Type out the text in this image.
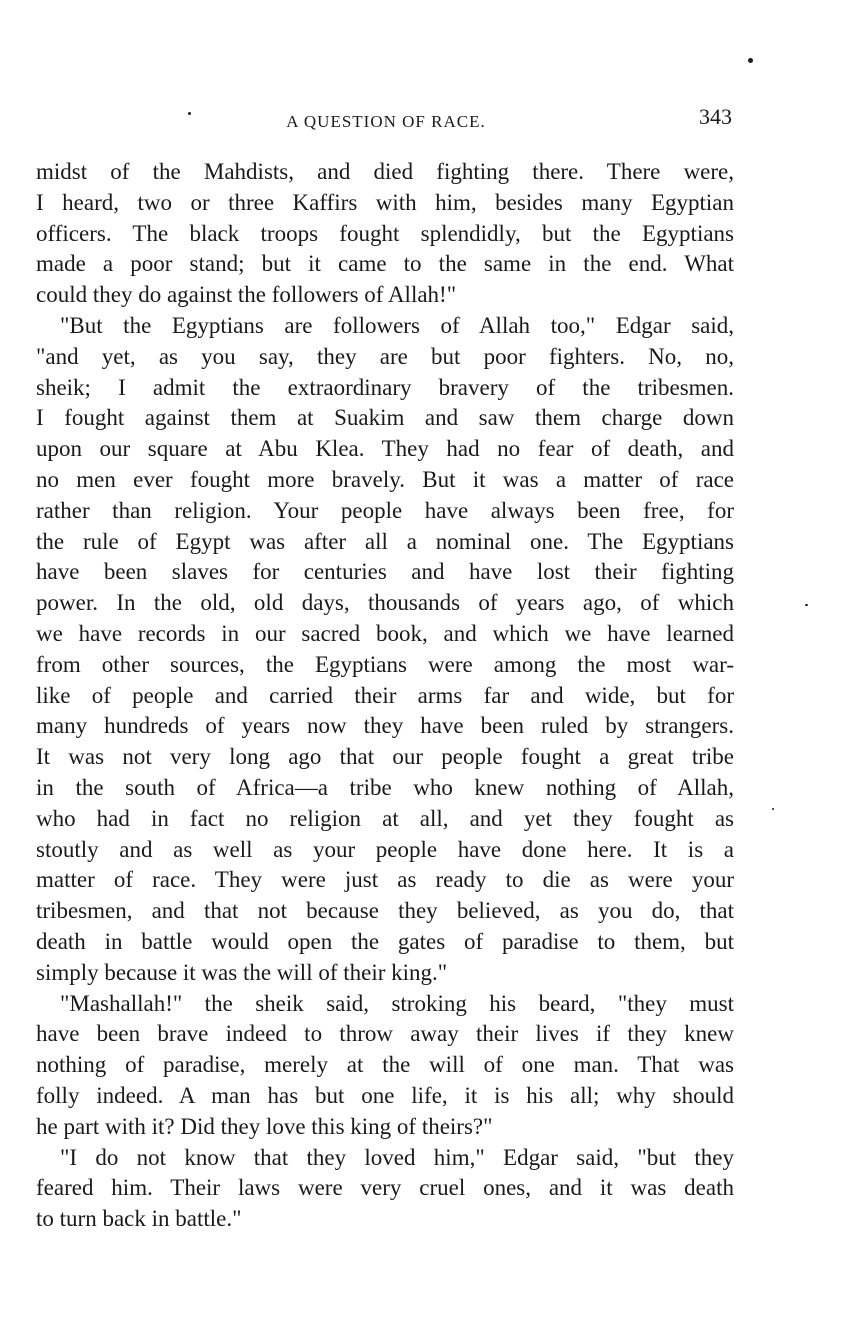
A QUESTION OF RACE.	343
midst of the Mahdists, and died fighting there. There were,
I heard, two or three Kaffirs with him, besides many Egyptian
officers. The black troops fought splendidly, but the Egyptians
made a poor stand; but it came to the same in the end. What
could they do against the followers of Allah!"
"But the Egyptians are followers of Allah too," Edgar said,
"and yet, as you say, they are but poor fighters. No, no,
sheik; I admit the extraordinary bravery of the tribesmen.
I fought against them at Suakim and saw them charge down
upon our square at Abu Klea. They had no fear of death, and
no men ever fought more bravely. But it was a matter of race
rather than religion. Your people have always been free, for
the rule of Egypt was after all a nominal one. The Egyptians
have been slaves for centuries and have lost their fighting
power. In the old, old days, thousands of years ago, of which
we have records in our sacred book, and which we have learned
from other sources, the Egyptians were among the most war-
like of people and carried their arms far and wide, but for
many hundreds of years now they have been ruled by strangers.
It was not very long ago that our people fought a great tribe
in the south of Africa—a tribe who knew nothing of Allah,
who had in fact no religion at all, and yet they fought as
stoutly and as well as your people have done here. It is a
matter of race. They were just as ready to die as were your
tribesmen, and that not because they believed, as you do, that
death in battle would open the gates of paradise to them, but
simply because it was the will of their king."
"Mashallah!" the sheik said, stroking his beard, "they must
have been brave indeed to throw away their lives if they knew
nothing of paradise, merely at the will of one man. That was
folly indeed. A man has but one life, it is his all; why should
he part with it? Did they love this king of theirs?"
"I do not know that they loved him," Edgar said, "but they
feared him. Their laws were very cruel ones, and it was death
to turn back in battle."
